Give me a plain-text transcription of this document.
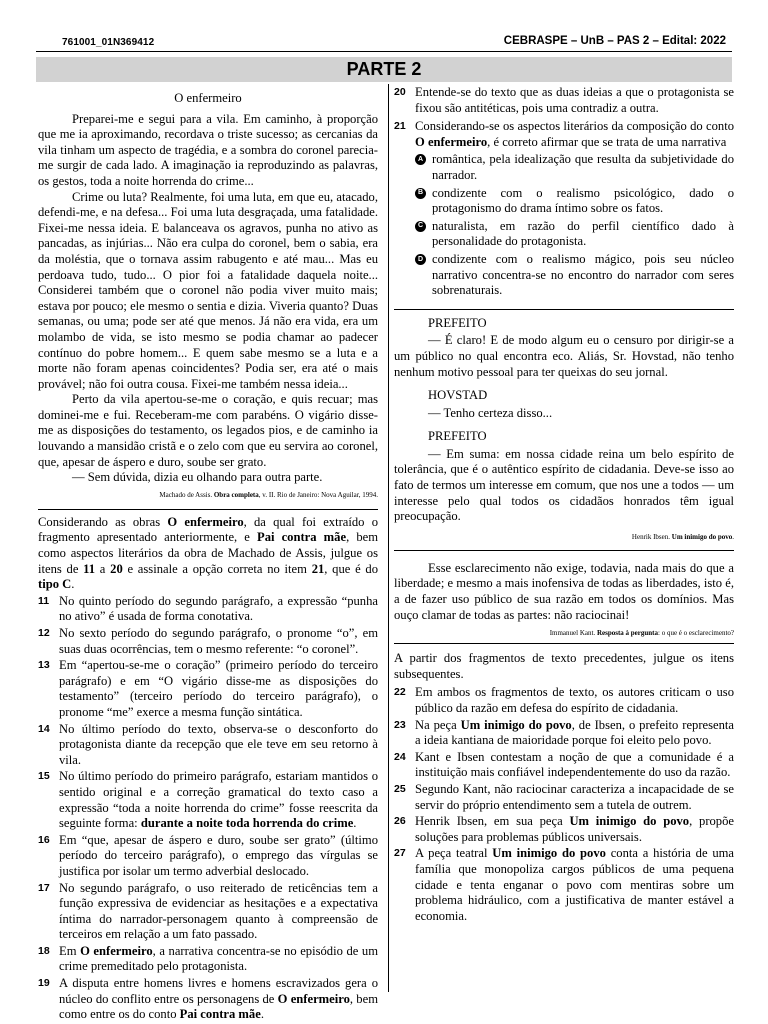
761001_01N369412	CEBRASPE – UnB – PAS 2 – Edital: 2022
PARTE 2

O enfermeiro

Preparei-me e segui para a vila. Em caminho, à proporção que me ia aproximando, recordava o triste sucesso; as cercanias da vila tinham um aspecto de tragédia, e a sombra do coronel parecia-me surgir de cada lado. A imaginação ia reproduzindo as palavras, os gestos, toda a noite horrenda do crime...

Crime ou luta? Realmente, foi uma luta, em que eu, atacado, defendi-me, e na defesa... Foi uma luta desgraçada, uma fatalidade. Fixei-me nessa ideia. E balanceava os agravos, punha no ativo as pancadas, as injúrias... Não era culpa do coronel, bem o sabia, era da moléstia, que o tornava assim rabugento e até mau... Mas eu perdoava tudo, tudo... O pior foi a fatalidade daquela noite... Considerei também que o coronel não podia viver muito mais; estava por pouco; ele mesmo o sentia e dizia. Viveria quanto? Duas semanas, ou uma; pode ser até que menos. Já não era vida, era um molambo de vida, se isto mesmo se podia chamar ao padecer contínuo do pobre homem... E quem sabe mesmo se a luta e a morte não foram apenas coincidentes? Podia ser, era até o mais provável; não foi outra cousa. Fixei-me também nessa ideia...

Perto da vila apertou-se-me o coração, e quis recuar; mas dominei-me e fui. Receberam-me com parabéns. O vigário disse-me as disposições do testamento, os legados pios, e de caminho ia louvando a mansidão cristã e o zelo com que eu servira ao coronel, que, apesar de áspero e duro, soube ser grato.

— Sem dúvida, dizia eu olhando para outra parte.

Machado de Assis. Obra completa, v. II. Rio de Janeiro: Nova Aguilar, 1994.

Considerando as obras O enfermeiro, da qual foi extraído o fragmento apresentado anteriormente, e Pai contra mãe, bem como aspectos literários da obra de Machado de Assis, julgue os itens de 11 a 20 e assinale a opção correta no item 21, que é do tipo C.

11 No quinto período do segundo parágrafo, a expressão “punha no ativo” é usada de forma conotativa.
12 No sexto período do segundo parágrafo, o pronome “o”, em suas duas ocorrências, tem o mesmo referente: “o coronel”.
13 Em “apertou-se-me o coração” (primeiro período do terceiro parágrafo) e em “O vigário disse-me as disposições do testamento” (terceiro período do terceiro parágrafo), o pronome “me” exerce a mesma função sintática.
14 No último período do texto, observa-se o desconforto do protagonista diante da recepção que ele teve em seu retorno à vila.
15 No último período do primeiro parágrafo, estariam mantidos o sentido original e a correção gramatical do texto caso a expressão “toda a noite horrenda do crime” fosse reescrita da seguinte forma: durante a noite toda horrenda do crime.
16 Em “que, apesar de áspero e duro, soube ser grato” (último período do terceiro parágrafo), o emprego das vírgulas se justifica por isolar um termo adverbial deslocado.
17 No segundo parágrafo, o uso reiterado de reticências tem a função expressiva de evidenciar as hesitações e a expectativa íntima do narrador-personagem quanto à compreensão de terceiros em relação a um fato passado.
18 Em O enfermeiro, a narrativa concentra-se no episódio de um crime premeditado pelo protagonista.
19 A disputa entre homens livres e homens escravizados gera o núcleo do conflito entre os personagens de O enfermeiro, bem como entre os do conto Pai contra mãe.
20 Entende-se do texto que as duas ideias a que o protagonista se fixou são antitéticas, pois uma contradiz a outra.
21 Considerando-se os aspectos literários da composição do conto O enfermeiro, é correto afirmar que se trata de uma narrativa
A romântica, pela idealização que resulta da subjetividade do narrador.
B condizente com o realismo psicológico, dado o protagonismo do drama íntimo sobre os fatos.
C naturalista, em razão do perfil científico dado à personalidade do protagonista.
D condizente com o realismo mágico, pois seu núcleo narrativo concentra-se no encontro do narrador com seres sobrenaturais.

PREFEITO

— É claro! E de modo algum eu o censuro por dirigir-se a um público no qual encontra eco. Aliás, Sr. Hovstad, não tenho nenhum motivo pessoal para ter queixas do seu jornal.

HOVSTAD

— Tenho certeza disso...

PREFEITO

— Em suma: em nossa cidade reina um belo espírito de tolerância, que é o autêntico espírito de cidadania. Deve-se isso ao fato de termos um interesse em comum, que nos une a todos — um interesse pelo qual todos os cidadãos honrados têm igual preocupação.

Henrik Ibsen. Um inimigo do povo.

Esse esclarecimento não exige, todavia, nada mais do que a liberdade; e mesmo a mais inofensiva de todas as liberdades, isto é, a de fazer uso público de sua razão em todos os domínios. Mas ouço clamar de todas as partes: não raciocinai!

Immanuel Kant. Resposta à pergunta: o que é o esclarecimento?

A partir dos fragmentos de texto precedentes, julgue os itens subsequentes.

22 Em ambos os fragmentos de texto, os autores criticam o uso público da razão em defesa do espírito de cidadania.
23 Na peça Um inimigo do povo, de Ibsen, o prefeito representa a ideia kantiana de maioridade porque foi eleito pelo povo.
24 Kant e Ibsen contestam a noção de que a comunidade é a instituição mais confiável independentemente do uso da razão.
25 Segundo Kant, não raciocinar caracteriza a incapacidade de se servir do próprio entendimento sem a tutela de outrem.
26 Henrik Ibsen, em sua peça Um inimigo do povo, propõe soluções para problemas públicos universais.
27 A peça teatral Um inimigo do povo conta a história de uma família que monopoliza cargos públicos de uma pequena cidade e tenta enganar o povo com mentiras sobre um problema hidráulico, com a justificativa de manter estável a economia.
